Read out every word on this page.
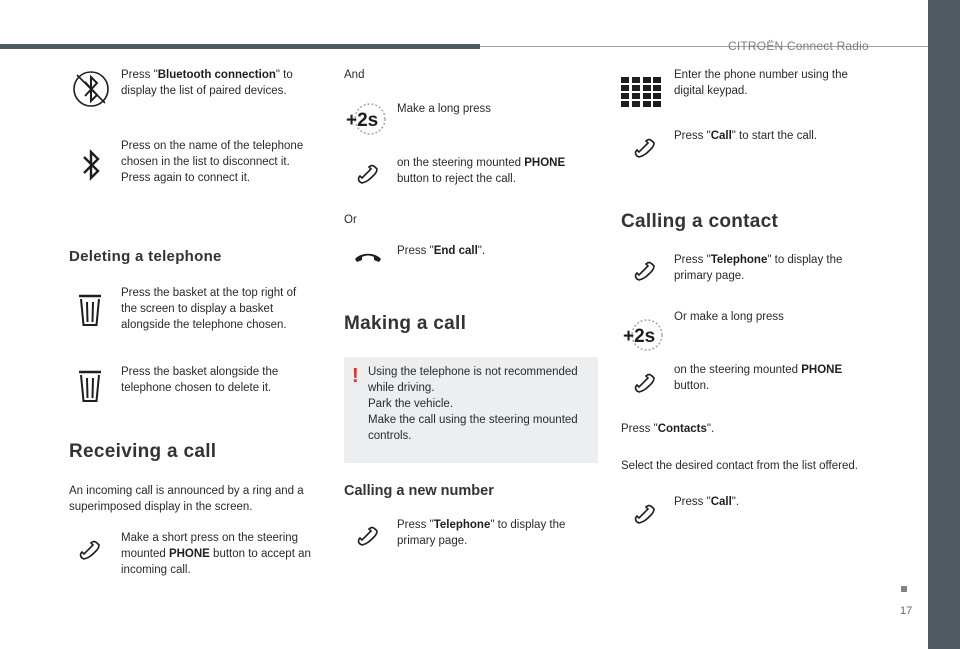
CITROËN Connect Radio
17
Press "Bluetooth connection" to display the list of paired devices.
Press on the name of the telephone chosen in the list to disconnect it. Press again to connect it.
Deleting a telephone
Press the basket at the top right of the screen to display a basket alongside the telephone chosen.
Press the basket alongside the telephone chosen to delete it.
Receiving a call
An incoming call is announced by a ring and a superimposed display in the screen.
Make a short press on the steering mounted PHONE button to accept an incoming call.
And
+2s
Make a long press
on the steering mounted PHONE button to reject the call.
Or
Press "End call".
Making a call
! Using the telephone is not recommended while driving.
Park the vehicle.
Make the call using the steering mounted controls.
Calling a new number
Press "Telephone" to display the primary page.
Enter the phone number using the digital keypad.
Press "Call" to start the call.
Calling a contact
Press "Telephone" to display the primary page.
+2s
Or make a long press
on the steering mounted PHONE button.
Press "Contacts".
Select the desired contact from the list offered.
Press "Call".
